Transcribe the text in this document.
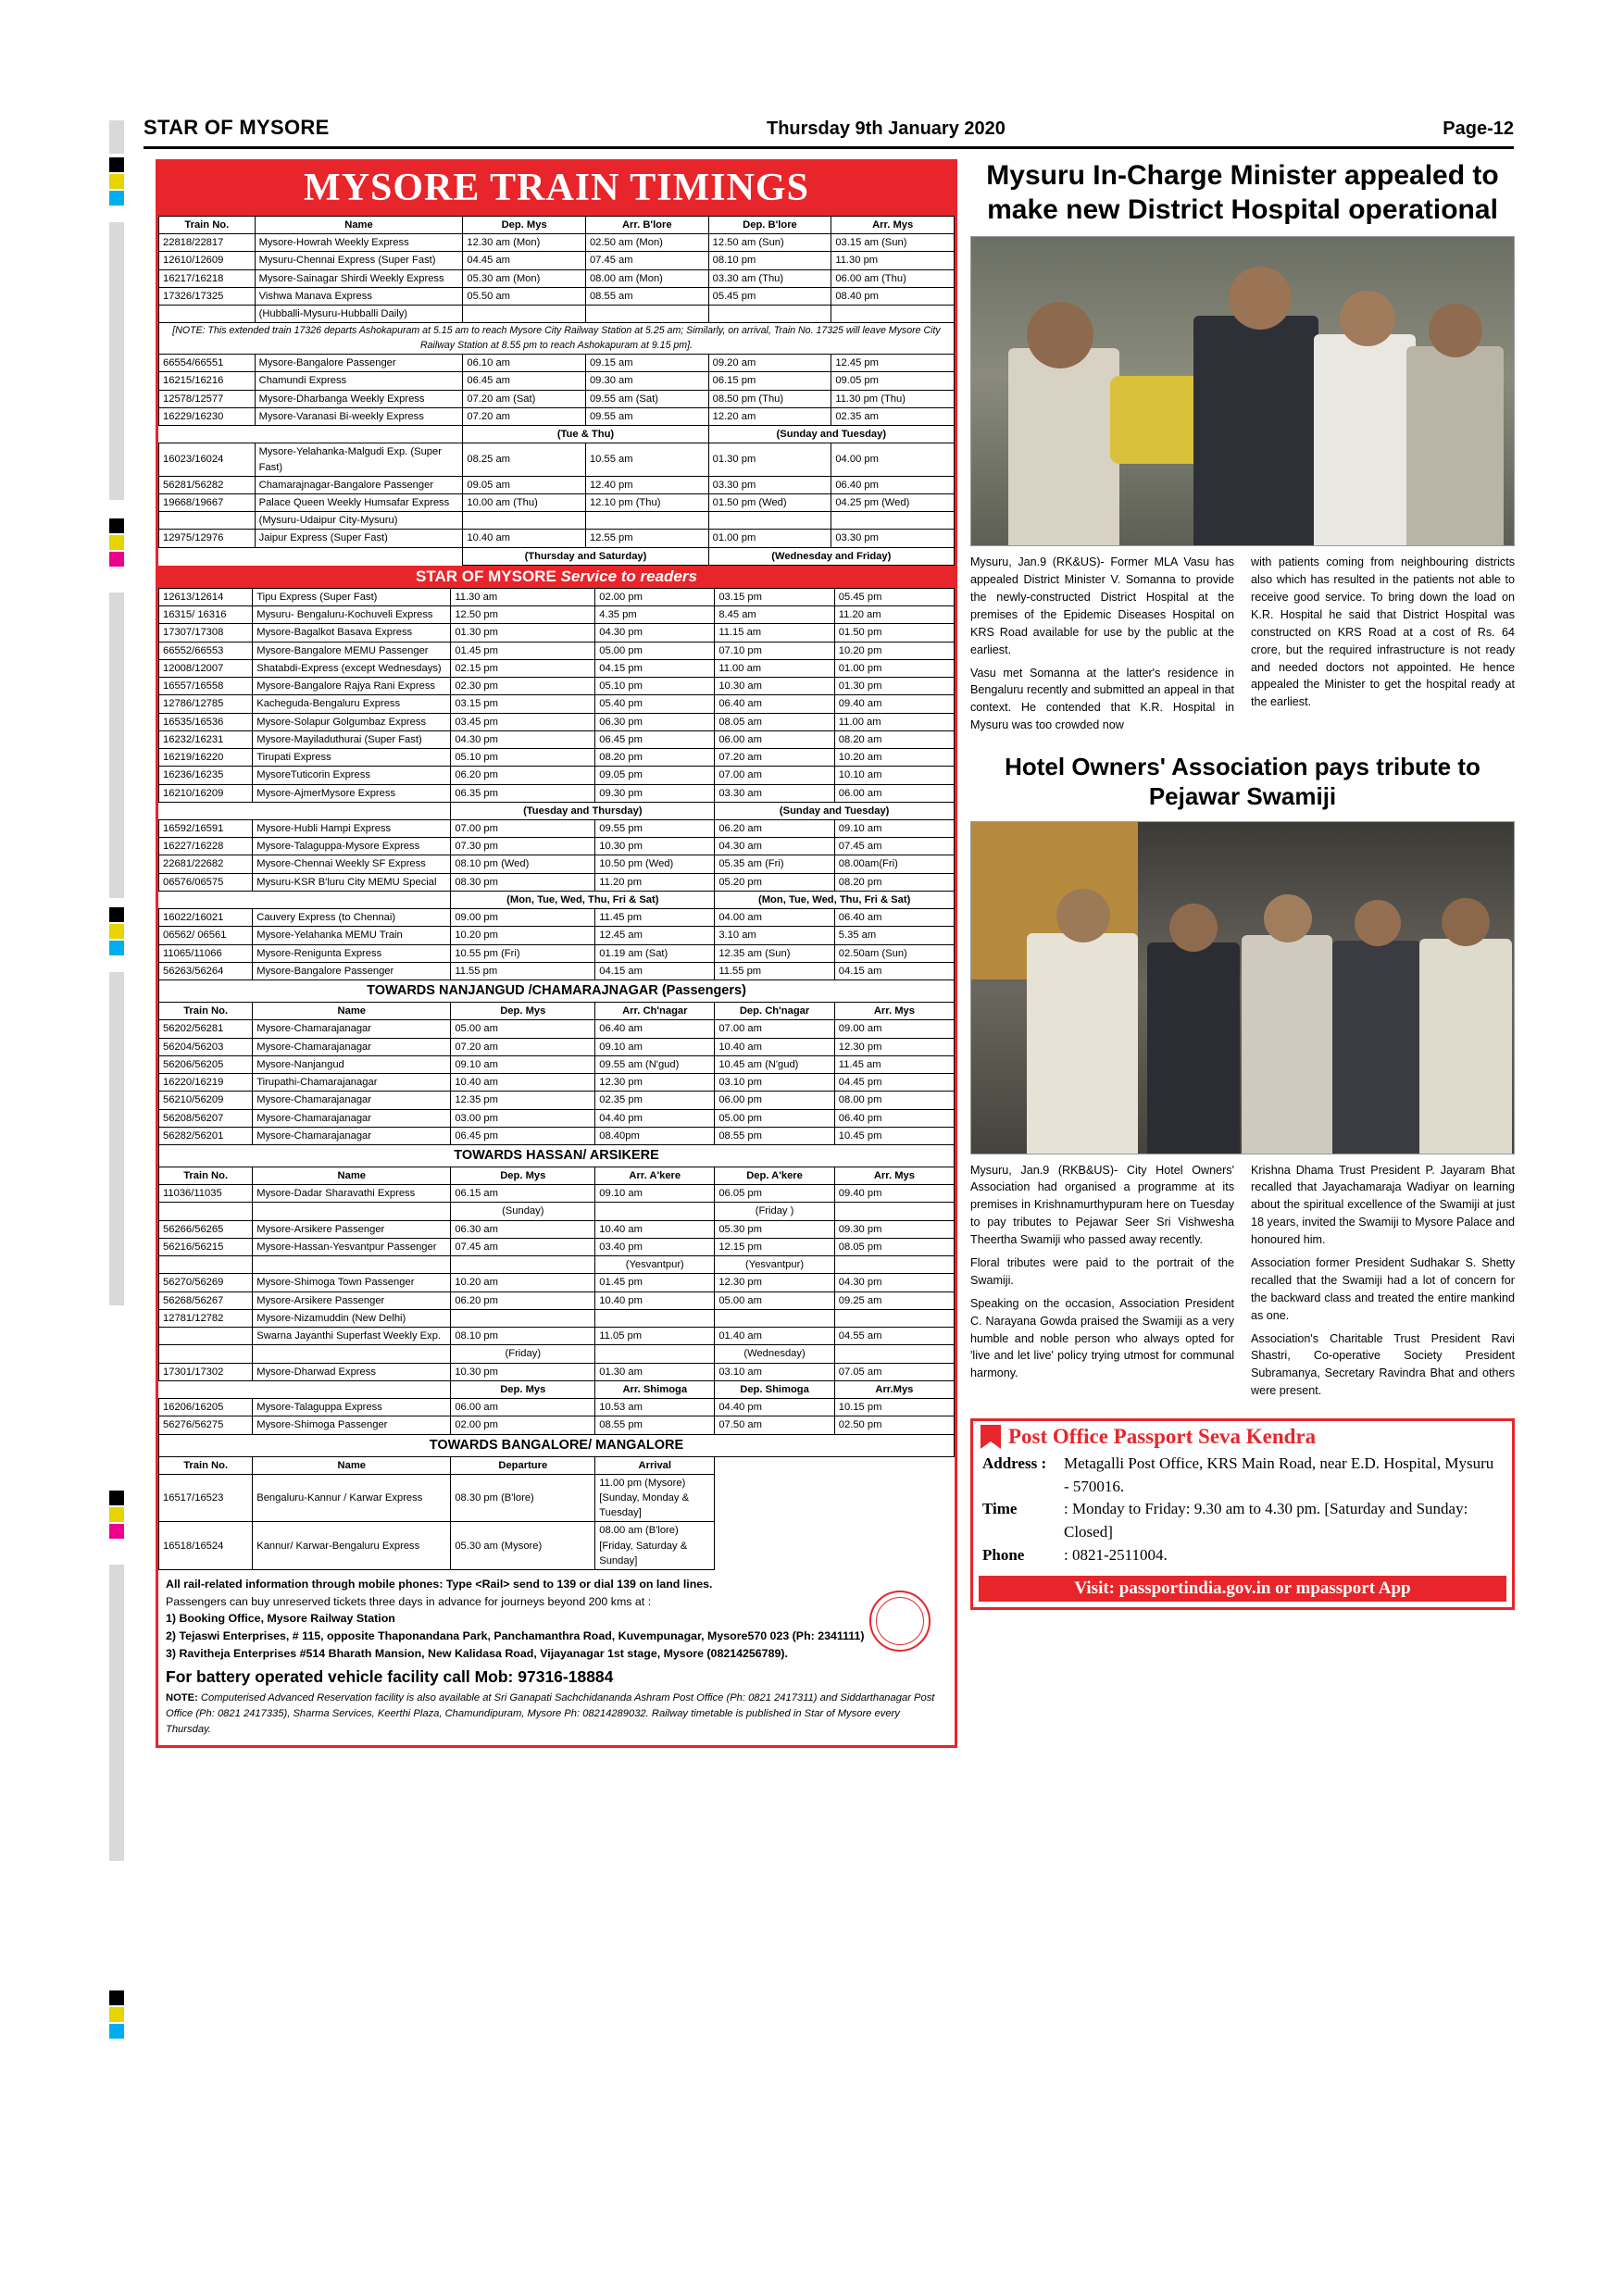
STAR OF MYSORE	Thursday 9th January 2020	Page-12
MYSORE TRAIN TIMINGS
Train No.	Name	Dep. Mys	Arr. B'lore	Dep. B'lore	Arr. Mys
22818/22817	Mysore-Howrah Weekly Express	12.30 am (Mon)	02.50 am (Mon)	12.50 am (Sun)	03.15 am (Sun)
12610/12609	Mysuru-Chennai Express (Super Fast)	04.45 am	07.45 am	08.10 pm	11.30 pm
16217/16218	Mysore-Sainagar Shirdi Weekly Express	05.30 am (Mon)	08.00 am (Mon)	03.30 am (Thu)	06.00 am (Thu)
17326/17325	Vishwa Manava Express	05.50 am	08.55 am	05.45 pm	08.40 pm
	(Hubballi-Mysuru-Hubballi Daily)				
[NOTE: This extended train 17326 departs Ashokapuram at 5.15 am to reach Mysore City Railway Station at 5.25 am; Similarly, on arrival, Train No. 17325 will leave Mysore City Railway Station at 8.55 pm to reach Ashokapuram at 9.15 pm].					
66554/66551	Mysore-Bangalore Passenger	06.10 am	09.15 am	09.20 am	12.45 pm
16215/16216	Chamundi Express	06.45 am	09.30 am	06.15 pm	09.05 pm
12578/12577	Mysore-Dharbanga Weekly Express	07.20 am (Sat)	09.55 am (Sat)	08.50 pm (Thu)	11.30 pm (Thu)
16229/16230	Mysore-Varanasi Bi-weekly Express	07.20 am	09.55 am	12.20 am	02.35 am
		(Tue & Thu)		(Sunday and Tuesday)	
16023/16024	Mysore-Yelahanka-Malgudi Exp. (Super Fast)	08.25 am	10.55 am	01.30 pm	04.00 pm
56281/56282	Chamarajnagar-Bangalore Passenger	09.05 am	12.40 pm	03.30 pm	06.40 pm
19668/19667	Palace Queen Weekly Humsafar Express	10.00 am (Thu)	12.10 pm (Thu)	01.50 pm (Wed)	04.25 pm (Wed)
	(Mysuru-Udaipur City-Mysuru)				
12975/12976	Jaipur Express (Super Fast)	10.40 am	12.55 pm	01.00 pm	03.30 pm
		(Thursday and Saturday)		(Wednesday and Friday)	
STAR OF MYSORE Service to readers
12613/12614	Tipu Express (Super Fast)	11.30 am	02.00 pm	03.15 pm	05.45 pm
16315/ 16316	Mysuru- Bengaluru-Kochuveli Express	12.50 pm	4.35 pm	8.45 am	11.20 am
17307/17308	Mysore-Bagalkot Basava Express	01.30 pm	04.30 pm	11.15 am	01.50 pm
66552/66553	Mysore-Bangalore MEMU Passenger	01.45 pm	05.00 pm	07.10 pm	10.20 pm
12008/12007	Shatabdi-Express (except Wednesdays)	02.15 pm	04.15 pm	11.00 am	01.00 pm
16557/16558	Mysore-Bangalore Rajya Rani Express	02.30 pm	05.10 pm	10.30 am	01.30 pm
12786/12785	Kacheguda-Bengaluru Express	03.15 pm	05.40 pm	06.40 am	09.40 am
16535/16536	Mysore-Solapur Golgumbaz Express	03.45 pm	06.30 pm	08.05 am	11.00 am
16232/16231	Mysore-Mayiladuthurai (Super Fast)	04.30 pm	06.45 pm	06.00 am	08.20 am
16219/16220	Tirupati Express	05.10 pm	08.20 pm	07.20 am	10.20 am
16236/16235	MysoreTuticorin Express	06.20 pm	09.05 pm	07.00 am	10.10 am
16210/16209	Mysore-AjmerMysore Express	06.35 pm	09.30 pm	03.30 am	06.00 am
		(Tuesday and Thursday)		(Sunday and Tuesday)	
16592/16591	Mysore-Hubli Hampi Express	07.00 pm	09.55 pm	06.20 am	09.10 am
16227/16228	Mysore-Talaguppa-Mysore Express	07.30 pm	10.30 pm	04.30 am	07.45 am
22681/22682	Mysore-Chennai Weekly SF Express	08.10 pm (Wed)	10.50 pm (Wed)	05.35 am (Fri)	08.00am(Fri)
06576/06575	Mysuru-KSR B'luru City MEMU Special	08.30 pm	11.20 pm	05.20 pm	08.20 pm
		(Mon, Tue, Wed, Thu, Fri & Sat)		(Mon, Tue, Wed, Thu, Fri & Sat)	
16022/16021	Cauvery Express (to Chennai)	09.00 pm	11.45 pm	04.00 am	06.40 am
06562/ 06561	Mysore-Yelahanka MEMU Train	10.20 pm	12.45 am	3.10 am	5.35 am
11065/11066	Mysore-Renigunta Express	10.55 pm (Fri)	01.19 am (Sat)	12.35 am (Sun)	02.50am (Sun)
56263/56264	Mysore-Bangalore Passenger	11.55 pm	04.15 am	11.55 pm	04.15 am
TOWARDS NANJANGUD /CHAMARAJNAGAR (Passengers)					
Train No.	Name	Dep. Mys	Arr. Ch'nagar	Dep. Ch'nagar	Arr. Mys
56202/56281	Mysore-Chamarajanagar	05.00 am	06.40 am	07.00 am	09.00 am
56204/56203	Mysore-Chamarajanagar	07.20 am	09.10 am	10.40 am	12.30 pm
56206/56205	Mysore-Nanjangud	09.10 am	09.55 am (N'gud)	10.45 am (N'gud)	11.45 am
16220/16219	Tirupathi-Chamarajanagar	10.40 am	12.30 pm	03.10 pm	04.45 pm
56210/56209	Mysore-Chamarajanagar	12.35 pm	02.35 pm	06.00 pm	08.00 pm
56208/56207	Mysore-Chamarajanagar	03.00 pm	04.40 pm	05.00 pm	06.40 pm
56282/56201	Mysore-Chamarajanagar	06.45 pm	08.40pm	08.55 pm	10.45 pm
TOWARDS HASSAN/ ARSIKERE					
Train No.	Name	Dep. Mys	Arr. A'kere	Dep. A'kere	Arr. Mys
11036/11035	Mysore-Dadar Sharavathi Express	06.15 am	09.10 am	06.05 pm	09.40 pm
		(Sunday)		(Friday )	
56266/56265	Mysore-Arsikere Passenger	06.30 am	10.40 am	05.30 pm	09.30 pm
56216/56215	Mysore-Hassan-Yesvantpur Passenger	07.45 am	03.40 pm	12.15 pm	08.05 pm
			(Yesvantpur)	(Yesvantpur)	
56270/56269	Mysore-Shimoga Town Passenger	10.20 am	01.45 pm	12.30 pm	04.30 pm
56268/56267	Mysore-Arsikere Passenger	06.20 pm	10.40 pm	05.00 am	09.25 am
12781/12782	Mysore-Nizamuddin (New Delhi)				
	Swarna Jayanthi Superfast Weekly Exp.	08.10 pm	11.05 pm	01.40 am	04.55 am
		(Friday)		(Wednesday)	
17301/17302	Mysore-Dharwad Express	10.30 pm	01.30 am	03.10 am	07.05 am
		Dep. Mys	Arr. Shimoga	Dep. Shimoga	Arr.Mys
16206/16205	Mysore-Talaguppa Express	06.00 am	10.53 am	04.40 pm	10.15 pm
56276/56275	Mysore-Shimoga Passenger	02.00 pm	08.55 pm	07.50 am	02.50 pm
TOWARDS BANGALORE/ MANGALORE					
Train No.	Name	Departure	Arrival		
16517/16523	Bengaluru-Kannur / Karwar Express	08.30 pm (B'lore)	11.00 pm (Mysore) [Sunday, Monday & Tuesday]		
16518/16524	Kannur/ Karwar-Bengaluru Express	05.30 am (Mysore)	08.00 am (B'lore) [Friday, Saturday & Sunday]		
All rail-related information through mobile phones: Type <Rail> send to 139 or dial 139 on land lines.
Passengers can buy unreserved tickets three days in advance for journeys beyond 200 kms at :
1) Booking Office, Mysore Railway Station
2) Tejaswi Enterprises, # 115, opposite Thaponandana Park, Panchamanthra Road, Kuvempunagar, Mysore570 023 (Ph: 2341111)
3) Ravitheja Enterprises #514 Bharath Mansion, New Kalidasa Road, Vijayanagar 1st stage, Mysore (08214256789).
For battery operated vehicle facility call Mob: 97316-18884
NOTE: Computerised Advanced Reservation facility is also available at Sri Ganapati Sachchidananda Ashram Post Office (Ph: 0821 2417311) and Siddarthanagar Post Office (Ph: 0821 2417335), Sharma Services, Keerthi Plaza, Chamundipuram, Mysore Ph: 08214289032. Railway timetable is published in Star of Mysore every Thursday.
Mysuru In-Charge Minister appealed to make new District Hospital operational

Mysuru, Jan.9 (RK&US)- Former MLA Vasu has appealed District Minister V. Somanna to provide the newly-constructed District Hospital at the premises of the Epidemic Diseases Hospital on KRS Road available for use by the public at the earliest.

Vasu met Somanna at the latter's residence in Bengaluru recently and submitted an appeal in that context. He contended that K.R. Hospital in Mysuru was too crowded now

with patients coming from neighbouring districts also which has resulted in the patients not able to receive good service. To bring down the load on K.R. Hospital he said that District Hospital was constructed on KRS Road at a cost of Rs. 64 crore, but the required infrastructure is not ready and needed doctors not appointed. He hence appealed the Minister to get the hospital ready at the earliest.

Hotel Owners' Association pays tribute to Pejawar Swamiji

Mysuru, Jan.9 (RKB&US)- City Hotel Owners' Association had organised a programme at its premises in Krishnamurthypuram here on Tuesday to pay tributes to Pejawar Seer Sri Vishwesha Theertha Swamiji who passed away recently.

Floral tributes were paid to the portrait of the Swamiji.

Speaking on the occasion, Association President C. Narayana Gowda praised the Swamiji as a very humble and noble person who always opted for 'live and let live' policy trying utmost for communal harmony.

Krishna Dhama Trust President P. Jayaram Bhat recalled that Jayachamaraja Wadiyar on learning about the spiritual excellence of the Swamiji at just 18 years, invited the Swamiji to Mysore Palace and honoured him.

Association former President Sudhakar S. Shetty recalled that the Swamiji had a lot of concern for the backward class and treated the entire mankind as one.

Association's Charitable Trust President Ravi Shastri, Co-operative Society President Subramanya, Secretary Ravindra Bhat and others were present.

Post Office Passport Seva Kendra
Address :	Metagalli Post Office, KRS Main Road, near E.D. Hospital, Mysuru - 570016.
Time	: Monday to Friday: 9.30 am to 4.30 pm. [Saturday and Sunday: Closed]
Phone	: 0821-2511004.
Visit: passportindia.gov.in or mpassport App
